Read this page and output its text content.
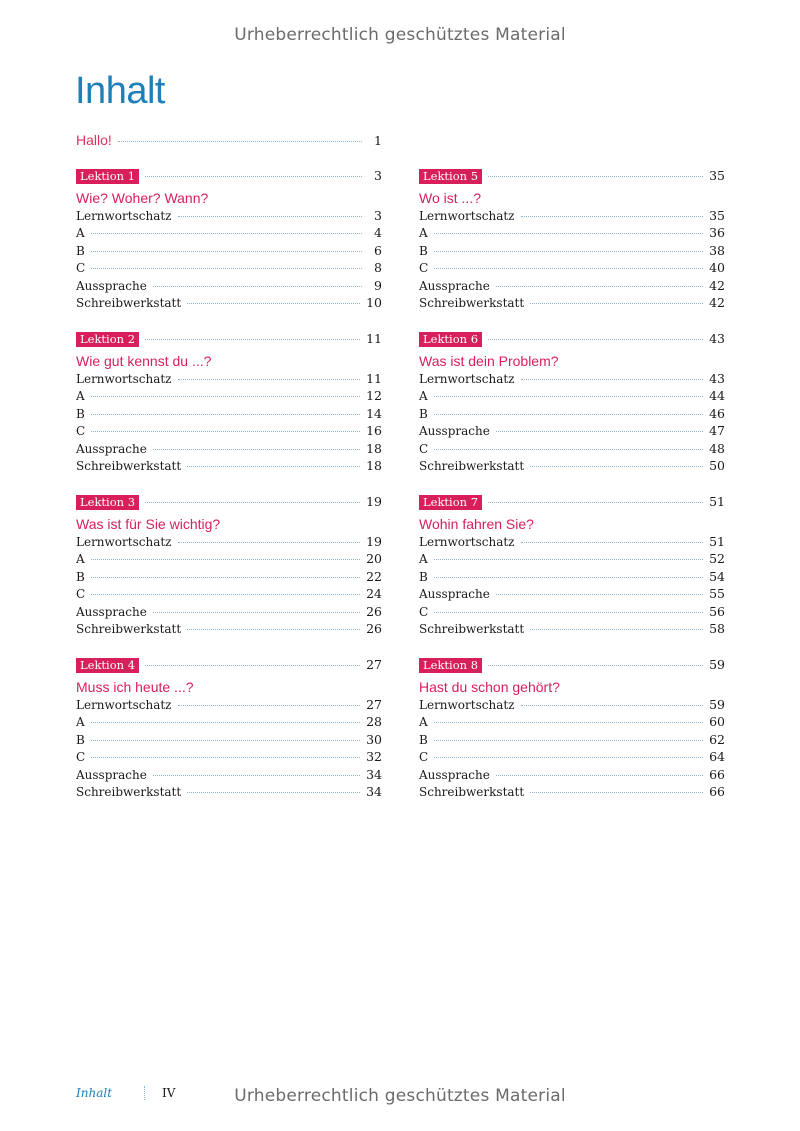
Urheberrechtlich geschütztes Material
Inhalt
Hallo!	1
Lektion 1	3
Wie? Woher? Wann?
Lernwortschatz	3
A	4
B	6
C	8
Aussprache	9
Schreibwerkstatt	10
Lektion 2	11
Wie gut kennst du ...?
Lernwortschatz	11
A	12
B	14
C	16
Aussprache	18
Schreibwerkstatt	18
Lektion 3	19
Was ist für Sie wichtig?
Lernwortschatz	19
A	20
B	22
C	24
Aussprache	26
Schreibwerkstatt	26
Lektion 4	27
Muss ich heute ...?
Lernwortschatz	27
A	28
B	30
C	32
Aussprache	34
Schreibwerkstatt	34
Lektion 5	35
Wo ist ...?
Lernwortschatz	35
A	36
B	38
C	40
Aussprache	42
Schreibwerkstatt	42
Lektion 6	43
Was ist dein Problem?
Lernwortschatz	43
A	44
B	46
Aussprache	47
C	48
Schreibwerkstatt	50
Lektion 7	51
Wohin fahren Sie?
Lernwortschatz	51
A	52
B	54
Aussprache	55
C	56
Schreibwerkstatt	58
Lektion 8	59
Hast du schon gehört?
Lernwortschatz	59
A	60
B	62
C	64
Aussprache	66
Schreibwerkstatt	66
Inhalt	IV	Urheberrechtlich geschütztes Material
